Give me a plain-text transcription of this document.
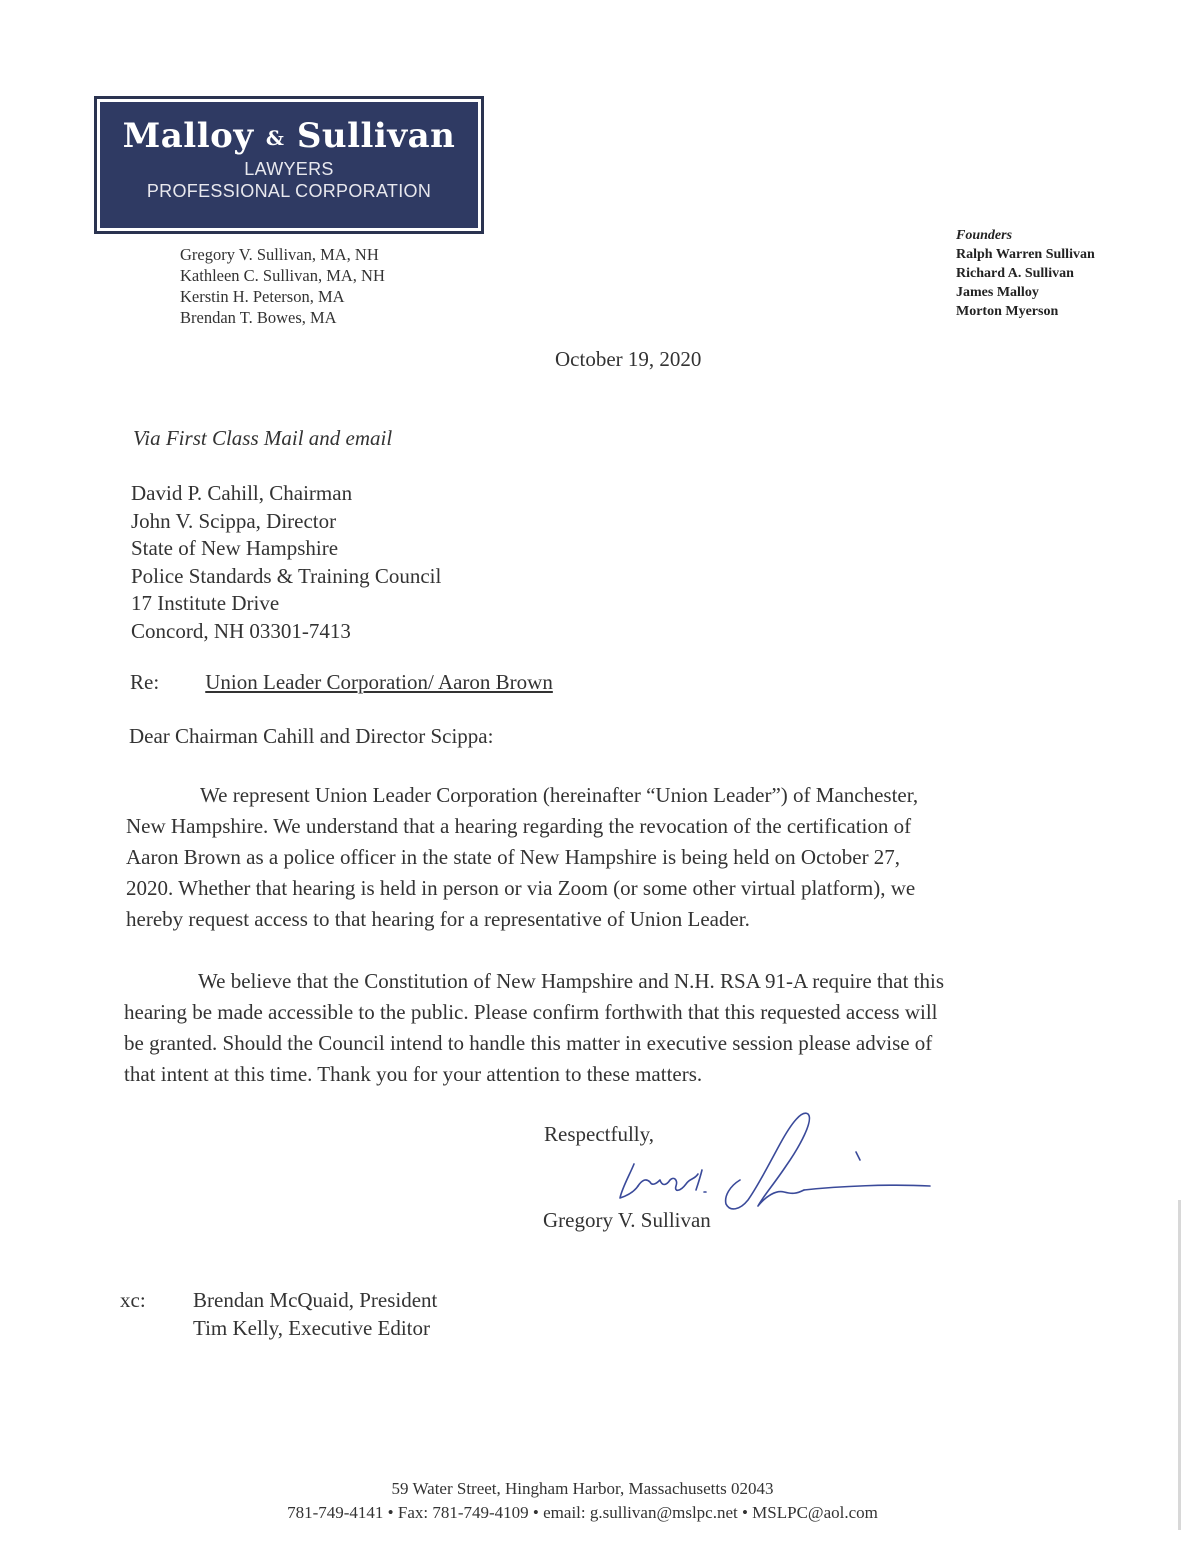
Malloy & Sullivan
LAWYERS
PROFESSIONAL CORPORATION
Gregory V. Sullivan, MA, NH
Kathleen C. Sullivan, MA, NH
Kerstin H. Peterson, MA
Brendan T. Bowes, MA
Founders
Ralph Warren Sullivan
Richard A. Sullivan
James Malloy
Morton Myerson
October 19, 2020
Via First Class Mail and email
David P. Cahill, Chairman
John V. Scippa, Director
State of New Hampshire
Police Standards & Training Council
17 Institute Drive
Concord, NH 03301-7413
Re: Union Leader Corporation/ Aaron Brown
Dear Chairman Cahill and Director Scippa:
We represent Union Leader Corporation (hereinafter “Union Leader”) of Manchester,
New Hampshire. We understand that a hearing regarding the revocation of the certification of
Aaron Brown as a police officer in the state of New Hampshire is being held on October 27,
2020. Whether that hearing is held in person or via Zoom (or some other virtual platform), we
hereby request access to that hearing for a representative of Union Leader.
We believe that the Constitution of New Hampshire and N.H. RSA 91-A require that this
hearing be made accessible to the public. Please confirm forthwith that this requested access will
be granted. Should the Council intend to handle this matter in executive session please advise of
that intent at this time. Thank you for your attention to these matters.
Respectfully,
Gregory V. Sullivan
xc: Brendan McQuaid, President
Tim Kelly, Executive Editor
59 Water Street, Hingham Harbor, Massachusetts 02043
781-749-4141 • Fax: 781-749-4109 • email: g.sullivan@mslpc.net • MSLPC@aol.com
